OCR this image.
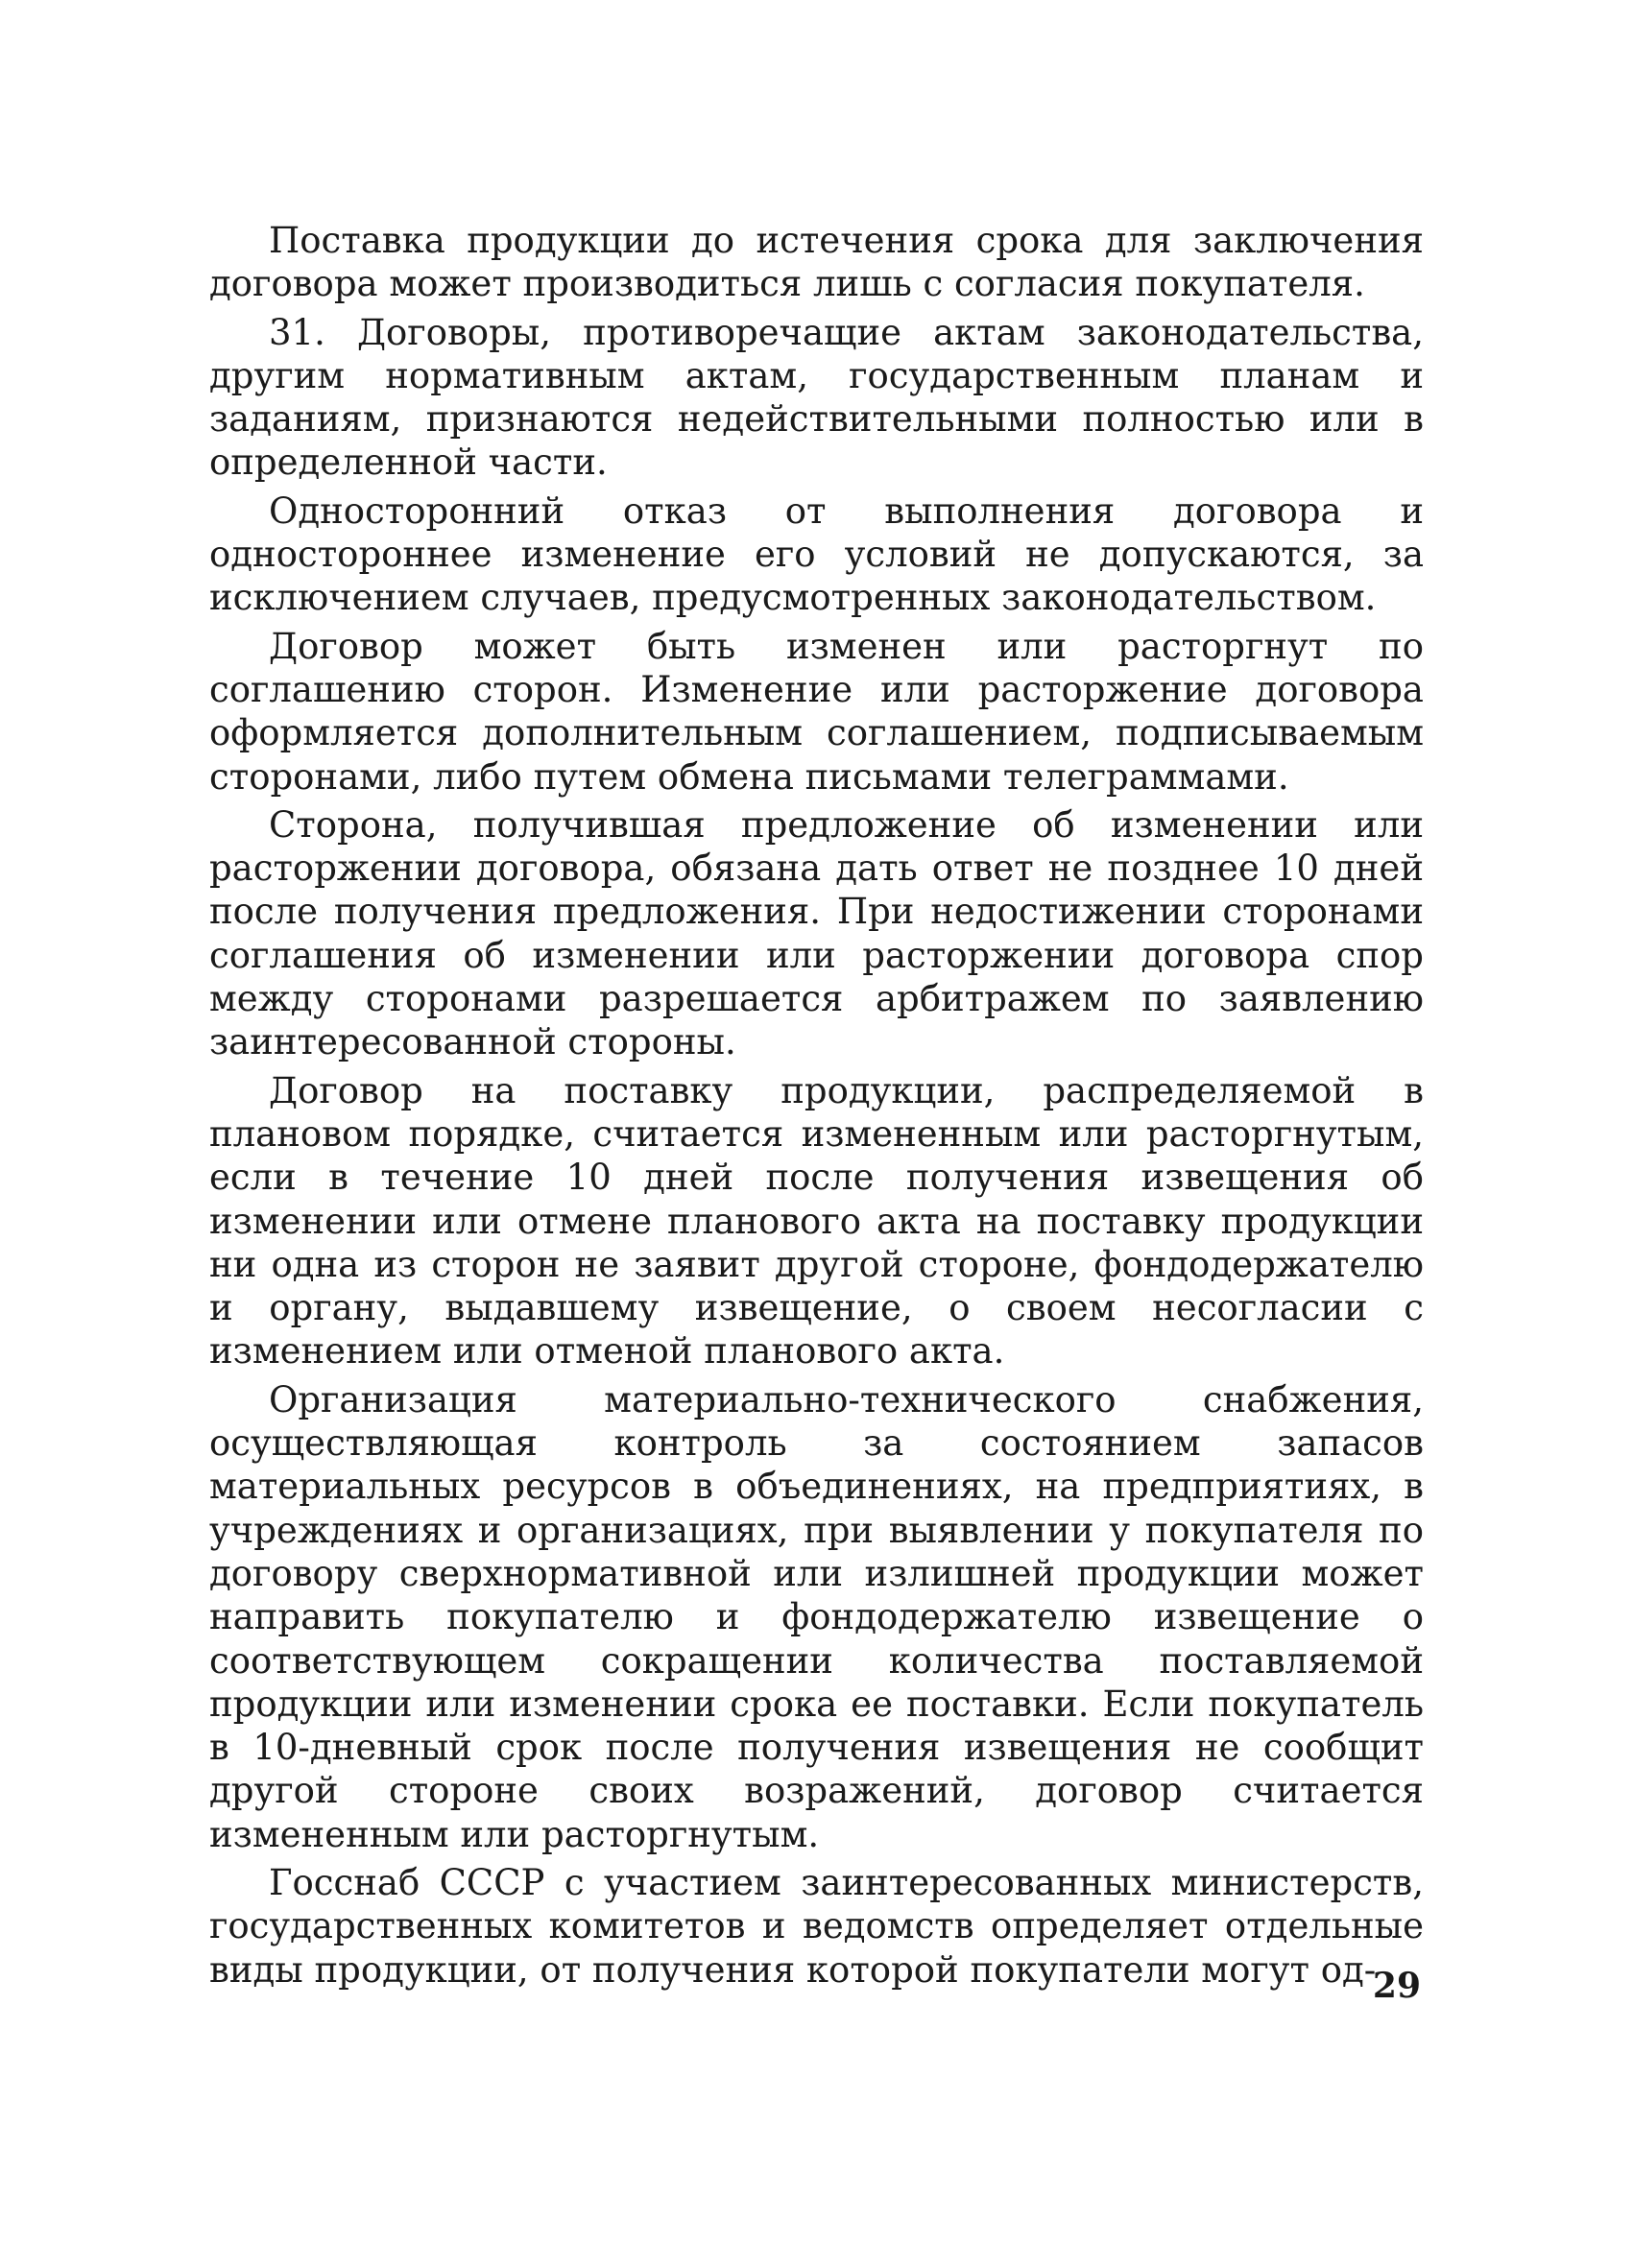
Поставка продукции до истечения срока для заключения договора может производиться лишь с согласия покупателя.

31. Договоры, противоречащие актам законодательства, другим нормативным актам, государственным планам и заданиям, признаются недействительными полностью или в определенной части.

Односторонний отказ от выполнения договора и одностороннее изменение его условий не допускаются, за исключением случаев, предусмотренных законодательством.

Договор может быть изменен или расторгнут по соглашению сторон. Изменение или расторжение договора оформляется дополнительным соглашением, подписываемым сторонами, либо путем обмена письмами телеграммами.

Сторона, получившая предложение об изменении или расторжении договора, обязана дать ответ не позднее 10 дней после получения предложения. При недостижении сторонами соглашения об изменении или расторжении договора спор между сторонами разрешается арбитражем по заявлению заинтересованной стороны.

Договор на поставку продукции, распределяемой в плановом порядке, считается измененным или расторгнутым, если в течение 10 дней после получения извещения об изменении или отмене планового акта на поставку продукции ни одна из сторон не заявит другой стороне, фондодержателю и органу, выдавшему извещение, о своем несогласии с изменением или отменой планового акта.

Организация материально-технического снабжения, осуществляющая контроль за состоянием запасов материальных ресурсов в объединениях, на предприятиях, в учреждениях и организациях, при выявлении у покупателя по договору сверхнормативной или излишней продукции может направить покупателю и фондодержателю извещение о соответствующем сокращении количества поставляемой продукции или изменении срока ее поставки. Если покупатель в 10-дневный срок после получения извещения не сообщит другой стороне своих возражений, договор считается измененным или расторгнутым.

Госснаб СССР с участием заинтересованных министерств, государственных комитетов и ведомств определяет отдельные виды продукции, от получения которой покупатели могут од-

29
